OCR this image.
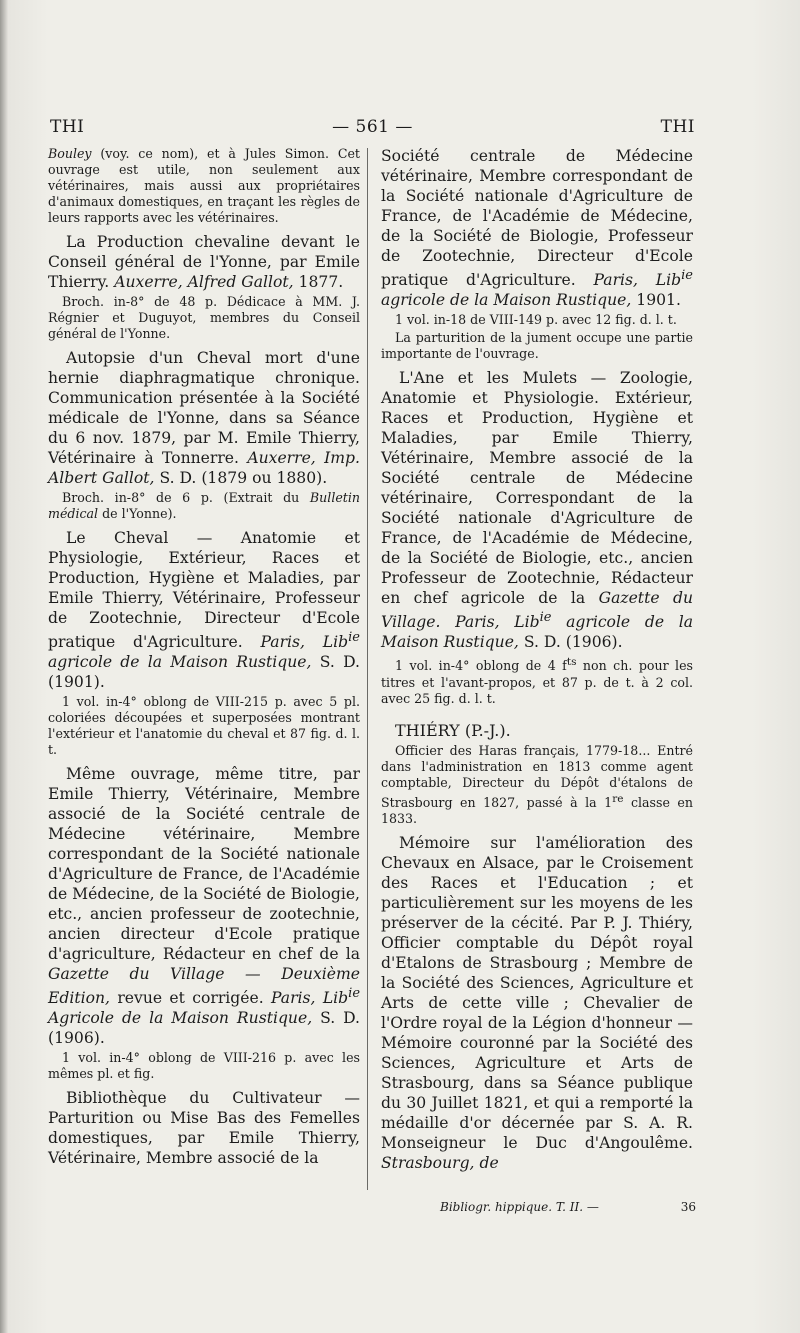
THI	— 561 —	THI

Bouley (voy. ce nom), et à Jules Simon. Cet ouvrage est utile, non seulement aux vétérinaires, mais aussi aux propriétaires d'animaux domestiques, en traçant les règles de leurs rapports avec les vétérinaires.

La Production chevaline devant le Conseil général de l'Yonne, par Emile Thierry. Auxerre, Alfred Gallot, 1877.

Broch. in-8° de 48 p. Dédicace à MM. J. Régnier et Duguyot, membres du Conseil général de l'Yonne.

Autopsie d'un Cheval mort d'une hernie diaphragmatique chronique. Communication présentée à la Société médicale de l'Yonne, dans sa Séance du 6 nov. 1879, par M. Emile Thierry, Vétérinaire à Tonnerre. Auxerre, Imp. Albert Gallot, S. D. (1879 ou 1880).

Broch. in-8° de 6 p. (Extrait du Bulletin médical de l'Yonne).

Le Cheval — Anatomie et Physiologie, Extérieur, Races et Production, Hygiène et Maladies, par Emile Thierry, Vétérinaire, Professeur de Zootechnie, Directeur d'Ecole pratique d'Agriculture. Paris, Lib$^{ie}$ agricole de la Maison Rustique, S. D. (1901).

1 vol. in-4° oblong de VIII-215 p. avec 5 pl. coloriées découpées et superposées montrant l'extérieur et l'anatomie du cheval et 87 fig. d. l. t.

Même ouvrage, même titre, par Emile Thierry, Vétérinaire, Membre associé de la Société centrale de Médecine vétérinaire, Membre correspondant de la Société nationale d'Agriculture de France, de l'Académie de Médecine, de la Société de Biologie, etc., ancien professeur de zootechnie, ancien directeur d'Ecole pratique d'agriculture, Rédacteur en chef de la Gazette du Village — Deuxième Edition, revue et corrigée. Paris, Lib$^{ie}$ Agricole de la Maison Rustique, S. D. (1906).

1 vol. in-4° oblong de VIII-216 p. avec les mêmes pl. et fig.

Bibliothèque du Cultivateur — Parturition ou Mise Bas des Femelles domestiques, par Emile Thierry, Vétérinaire, Membre associé de la

Société centrale de Médecine vétérinaire, Membre correspondant de la Société nationale d'Agriculture de France, de l'Académie de Médecine, de la Société de Biologie, Professeur de Zootechnie, Directeur d'Ecole pratique d'Agriculture. Paris, Lib$^{ie}$ agricole de la Maison Rustique, 1901.

1 vol. in-18 de VIII-149 p. avec 12 fig. d. l. t.

La parturition de la jument occupe une partie importante de l'ouvrage.

L'Ane et les Mulets — Zoologie, Anatomie et Physiologie. Extérieur, Races et Production, Hygiène et Maladies, par Emile Thierry, Vétérinaire, Membre associé de la Société centrale de Médecine vétérinaire, Correspondant de la Société nationale d'Agriculture de France, de l'Académie de Médecine, de la Société de Biologie, etc., ancien Professeur de Zootechnie, Rédacteur en chef agricole de la Gazette du Village. Paris, Lib$^{ie}$ agricole de la Maison Rustique, S. D. (1906).

1 vol. in-4° oblong de 4 $f^{ts}$ non ch. pour les titres et l'avant-propos, et 87 p. de t. à 2 col. avec 25 fig. d. l. t.

THIÉRY (P.-J.).

Officier des Haras français, 1779-18... Entré dans l'administration en 1813 comme agent comptable, Directeur du Dépôt d'étalons de Strasbourg en 1827, passé à la 1re classe en 1833.

Mémoire sur l'amélioration des Chevaux en Alsace, par le Croisement des Races et l'Education ; et particulièrement sur les moyens de les préserver de la cécité. Par P. J. Thiéry, Officier comptable du Dépôt royal d'Etalons de Strasbourg ; Membre de la Société des Sciences, Agriculture et Arts de cette ville ; Chevalier de l'Ordre royal de la Légion d'honneur — Mémoire couronné par la Société des Sciences, Agriculture et Arts de Strasbourg, dans sa Séance publique du 30 Juillet 1821, et qui a remporté la médaille d'or décernée par S. A. R. Monseigneur le Duc d'Angoulême. Strasbourg, de

Bibliogr. hippique. T. II. —	36
